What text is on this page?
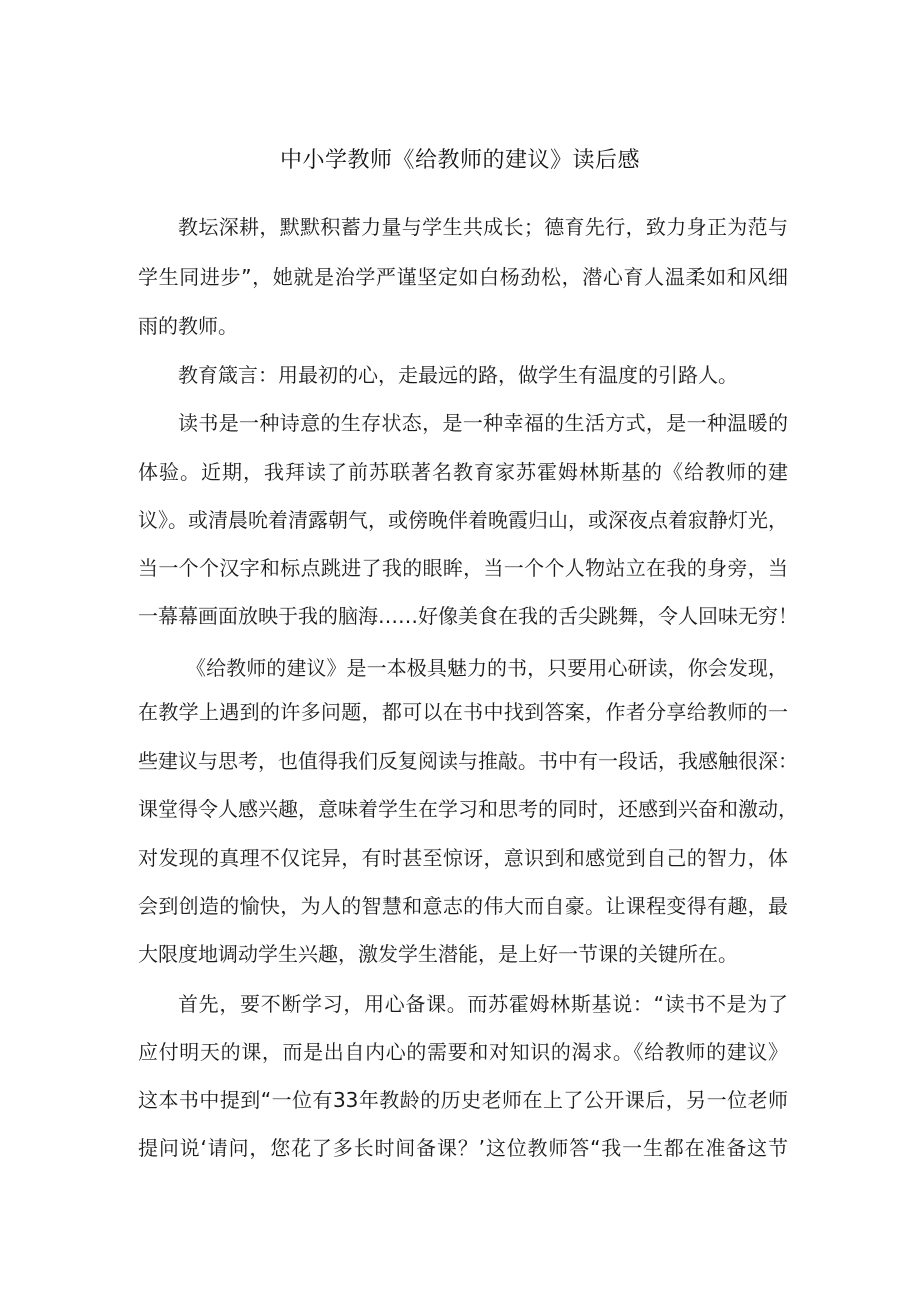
中小学教师《给教师的建议》读后感
教坛深耕，默默积蓄力量与学生共成长；德育先行，致力身正为范与
学生同进步”，她就是治学严谨坚定如白杨劲松，潜心育人温柔如和风细
雨的教师。
教育箴言：用最初的心，走最远的路，做学生有温度的引路人。
读书是一种诗意的生存状态，是一种幸福的生活方式，是一种温暖的
体验。近期，我拜读了前苏联著名教育家苏霍姆林斯基的《给教师的建
议》。或清晨吮着清露朝气，或傍晚伴着晚霞归山，或深夜点着寂静灯光，
当一个个汉字和标点跳进了我的眼眸，当一个个人物站立在我的身旁，当
一幕幕画面放映于我的脑海……好像美食在我的舌尖跳舞，令人回味无穷！
《给教师的建议》是一本极具魅力的书，只要用心研读，你会发现，
在教学上遇到的许多问题，都可以在书中找到答案，作者分享给教师的一
些建议与思考，也值得我们反复阅读与推敲。书中有一段话，我感触很深：
课堂得令人感兴趣，意味着学生在学习和思考的同时，还感到兴奋和激动，
对发现的真理不仅诧异，有时甚至惊讶，意识到和感觉到自己的智力，体
会到创造的愉快，为人的智慧和意志的伟大而自豪。让课程变得有趣，最
大限度地调动学生兴趣，激发学生潜能，是上好一节课的关键所在。
首先，要不断学习，用心备课。而苏霍姆林斯基说：“读书不是为了
应付明天的课，而是出自内心的需要和对知识的渴求。《给教师的建议》
这本书中提到“一位有33年教龄的历史老师在上了公开课后，另一位老师
提问说‘请问，您花了多长时间备课？’这位教师答“我一生都在准备这节
